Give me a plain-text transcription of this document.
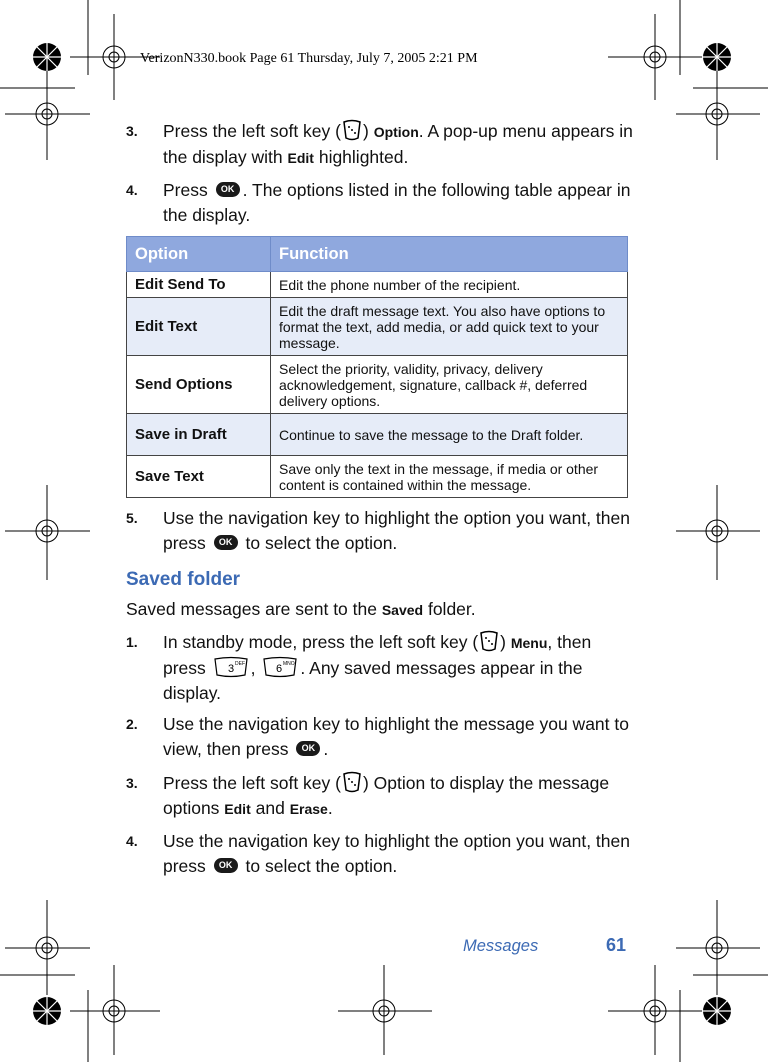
VerizonN330.book Page 61 Thursday, July 7, 2005 2:21 PM
3. Press the left soft key ( ) Option. A pop-up menu appears in the display with Edit highlighted.
4. Press OK . The options listed in the following table appear in the display.
Option	Function
Edit Send To	Edit the phone number of the recipient.
Edit Text	Edit the draft message text. You also have options to format the text, add media, or add quick text to your message.
Send Options	Select the priority, validity, privacy, delivery acknowledgement, signature, callback #, deferred delivery options.
Save in Draft	Continue to save the message to the Draft folder.
Save Text	Save only the text in the message, if media or other content is contained within the message.
5. Use the navigation key to highlight the option you want, then press OK to select the option.
Saved folder
Saved messages are sent to the Saved folder.
1. In standby mode, press the left soft key ( ) Menu, then press 3 DEF , 6 MNO . Any saved messages appear in the display.
2. Use the navigation key to highlight the message you want to view, then press OK .
3. Press the left soft key ( ) Option to display the message options Edit and Erase.
4. Use the navigation key to highlight the option you want, then press OK to select the option.
Messages	61
